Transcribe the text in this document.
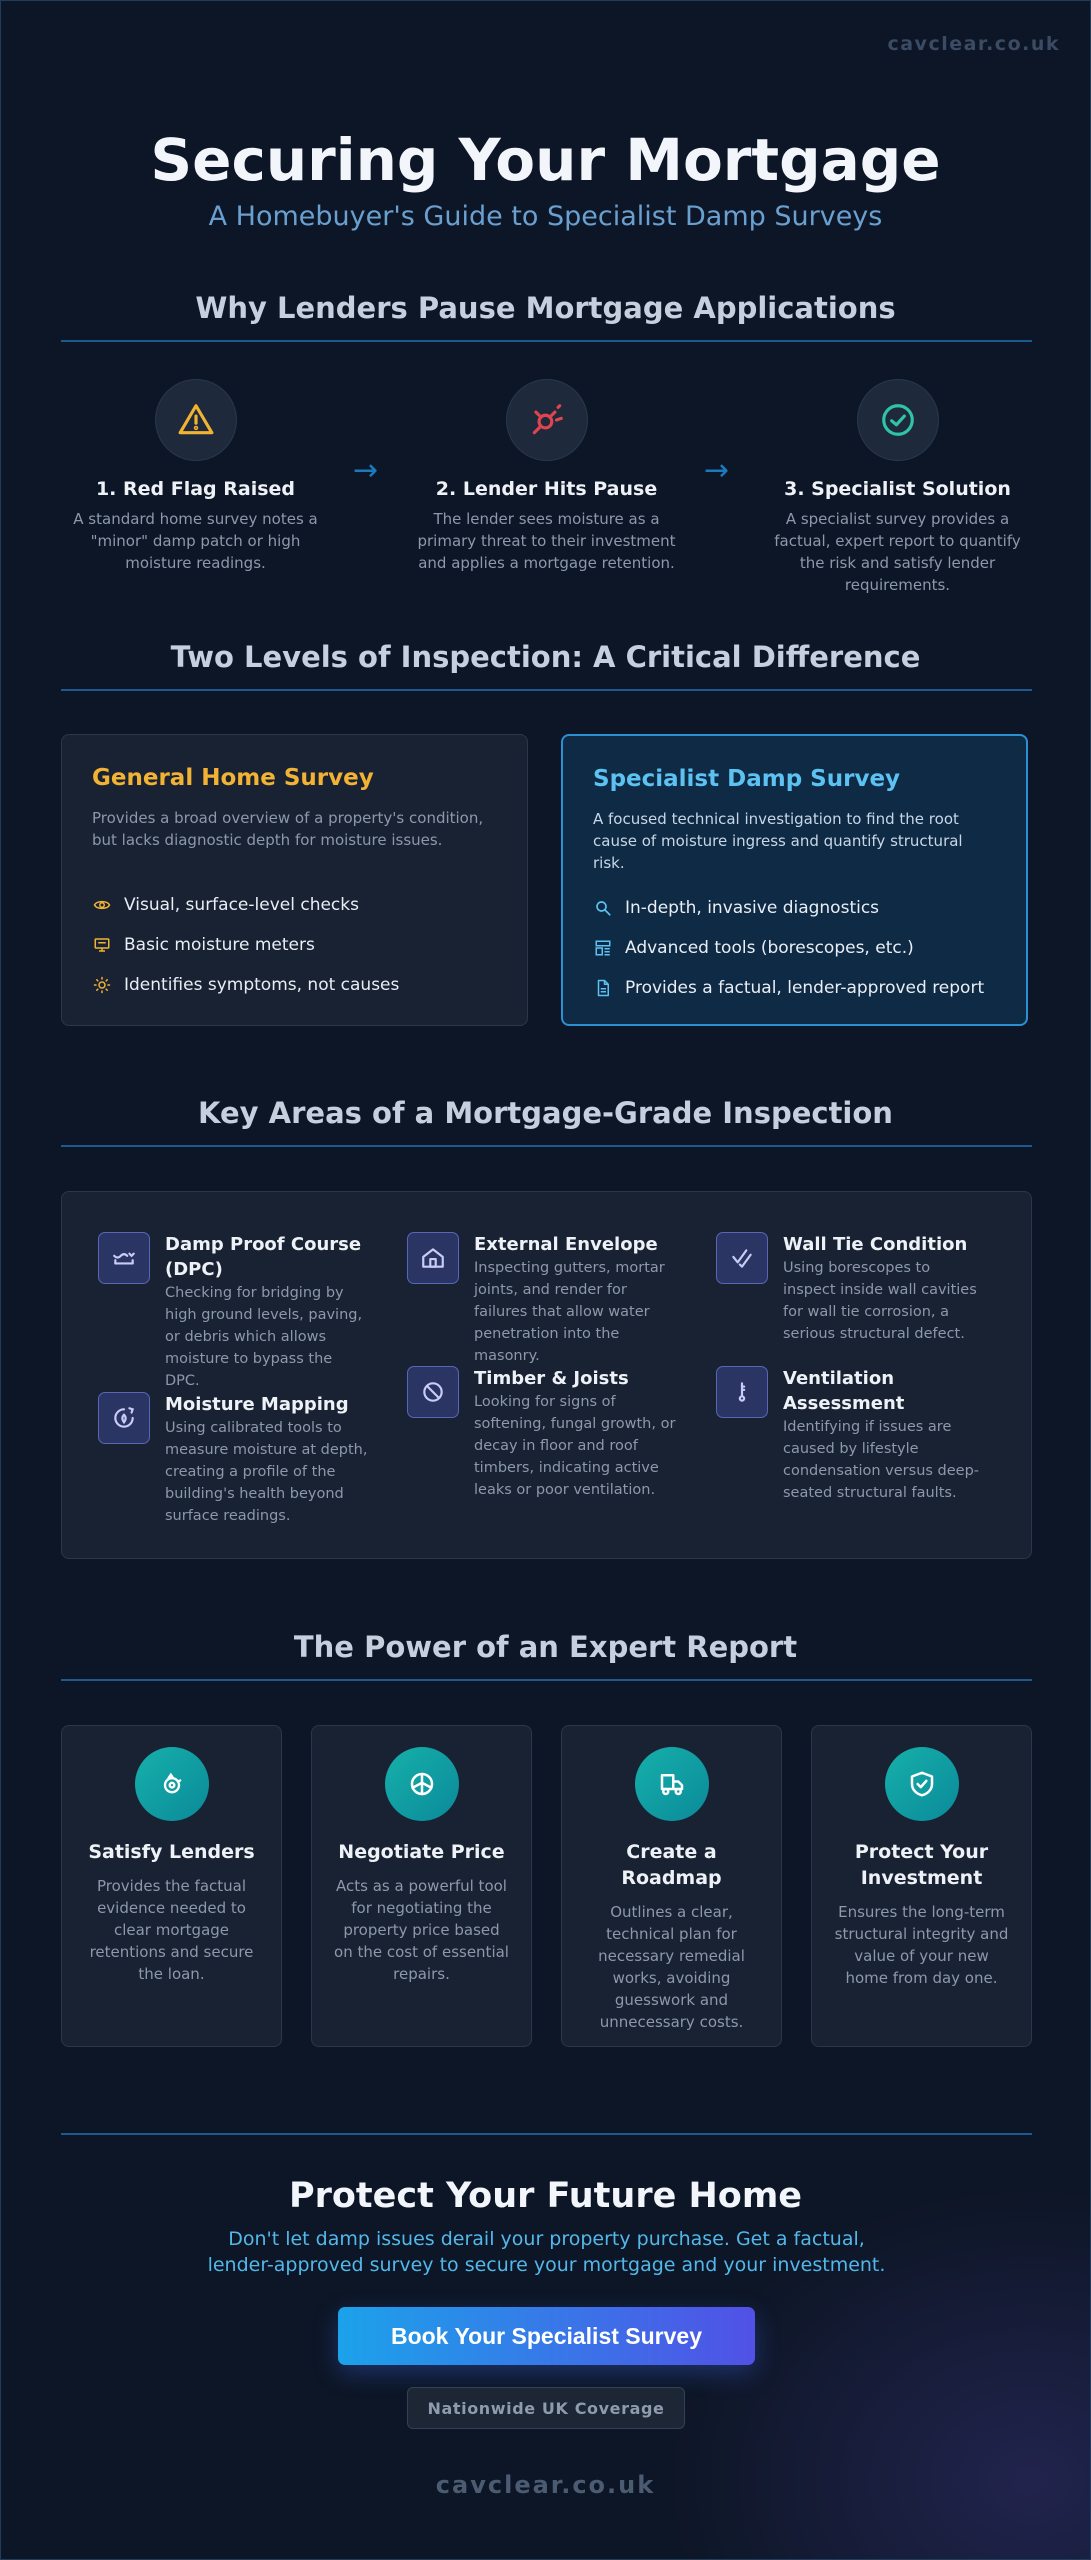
cavclear.co.uk
Securing Your Mortgage
A Homebuyer's Guide to Specialist Damp Surveys
Why Lenders Pause Mortgage Applications
1. Red Flag Raised
A standard home survey notes a "minor" damp patch or high moisture readings.
→
2. Lender Hits Pause
The lender sees moisture as a primary threat to their investment and applies a mortgage retention.
→
3. Specialist Solution
A specialist survey provides a factual, expert report to quantify the risk and satisfy lender requirements.
Two Levels of Inspection: A Critical Difference
General Home Survey
Provides a broad overview of a property's condition, but lacks diagnostic depth for moisture issues.
Visual, surface-level checks
Basic moisture meters
Identifies symptoms, not causes
Specialist Damp Survey
A focused technical investigation to find the root cause of moisture ingress and quantify structural risk.
In-depth, invasive diagnostics
Advanced tools (borescopes, etc.)
Provides a factual, lender-approved report
Key Areas of a Mortgage-Grade Inspection
Damp Proof Course (DPC)
Checking for bridging by high ground levels, paving, or debris which allows moisture to bypass the DPC.
External Envelope
Inspecting gutters, mortar joints, and render for failures that allow water penetration into the masonry.
Wall Tie Condition
Using borescopes to inspect inside wall cavities for wall tie corrosion, a serious structural defect.
Moisture Mapping
Using calibrated tools to measure moisture at depth, creating a profile of the building's health beyond surface readings.
Timber & Joists
Looking for signs of softening, fungal growth, or decay in floor and roof timbers, indicating active leaks or poor ventilation.
Ventilation Assessment
Identifying if issues are caused by lifestyle condensation versus deep-seated structural faults.
The Power of an Expert Report
Satisfy Lenders
Provides the factual evidence needed to clear mortgage retentions and secure the loan.
Negotiate Price
Acts as a powerful tool for negotiating the property price based on the cost of essential repairs.
Create a Roadmap
Outlines a clear, technical plan for necessary remedial works, avoiding guesswork and unnecessary costs.
Protect Your Investment
Ensures the long-term structural integrity and value of your new home from day one.
Protect Your Future Home
Don't let damp issues derail your property purchase. Get a factual, lender-approved survey to secure your mortgage and your investment.
Book Your Specialist Survey
Nationwide UK Coverage
cavclear.co.uk
